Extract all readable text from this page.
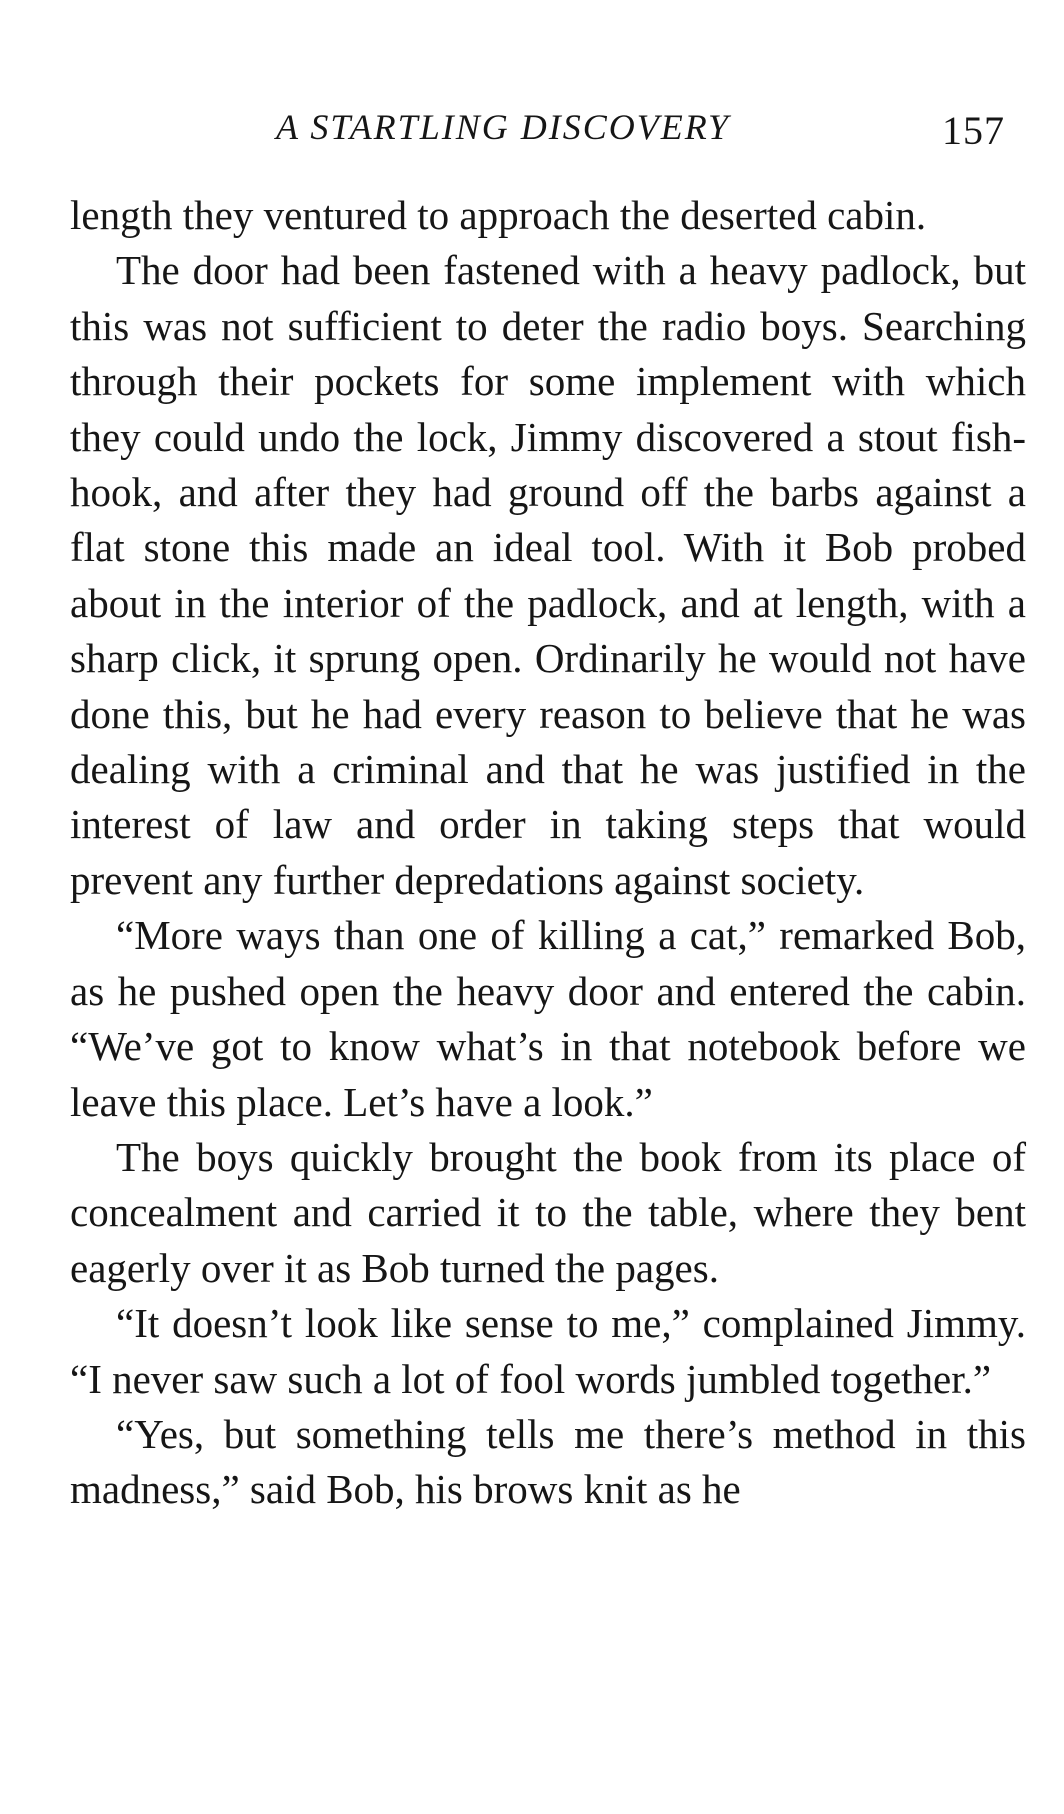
A STARTLING DISCOVERY	157

length they ventured to approach the deserted cabin.

The door had been fastened with a heavy padlock, but this was not sufficient to deter the radio boys. Searching through their pockets for some implement with which they could undo the lock, Jimmy discovered a stout fish-hook, and after they had ground off the barbs against a flat stone this made an ideal tool. With it Bob probed about in the interior of the padlock, and at length, with a sharp click, it sprung open. Ordinarily he would not have done this, but he had every reason to believe that he was dealing with a criminal and that he was justified in the interest of law and order in taking steps that would prevent any further depredations against society.

“More ways than one of killing a cat,” remarked Bob, as he pushed open the heavy door and entered the cabin. “We’ve got to know what’s in that notebook before we leave this place. Let’s have a look.”

The boys quickly brought the book from its place of concealment and carried it to the table, where they bent eagerly over it as Bob turned the pages.

“It doesn’t look like sense to me,” complained Jimmy. “I never saw such a lot of fool words jumbled together.”

“Yes, but something tells me there’s method in this madness,” said Bob, his brows knit as he
